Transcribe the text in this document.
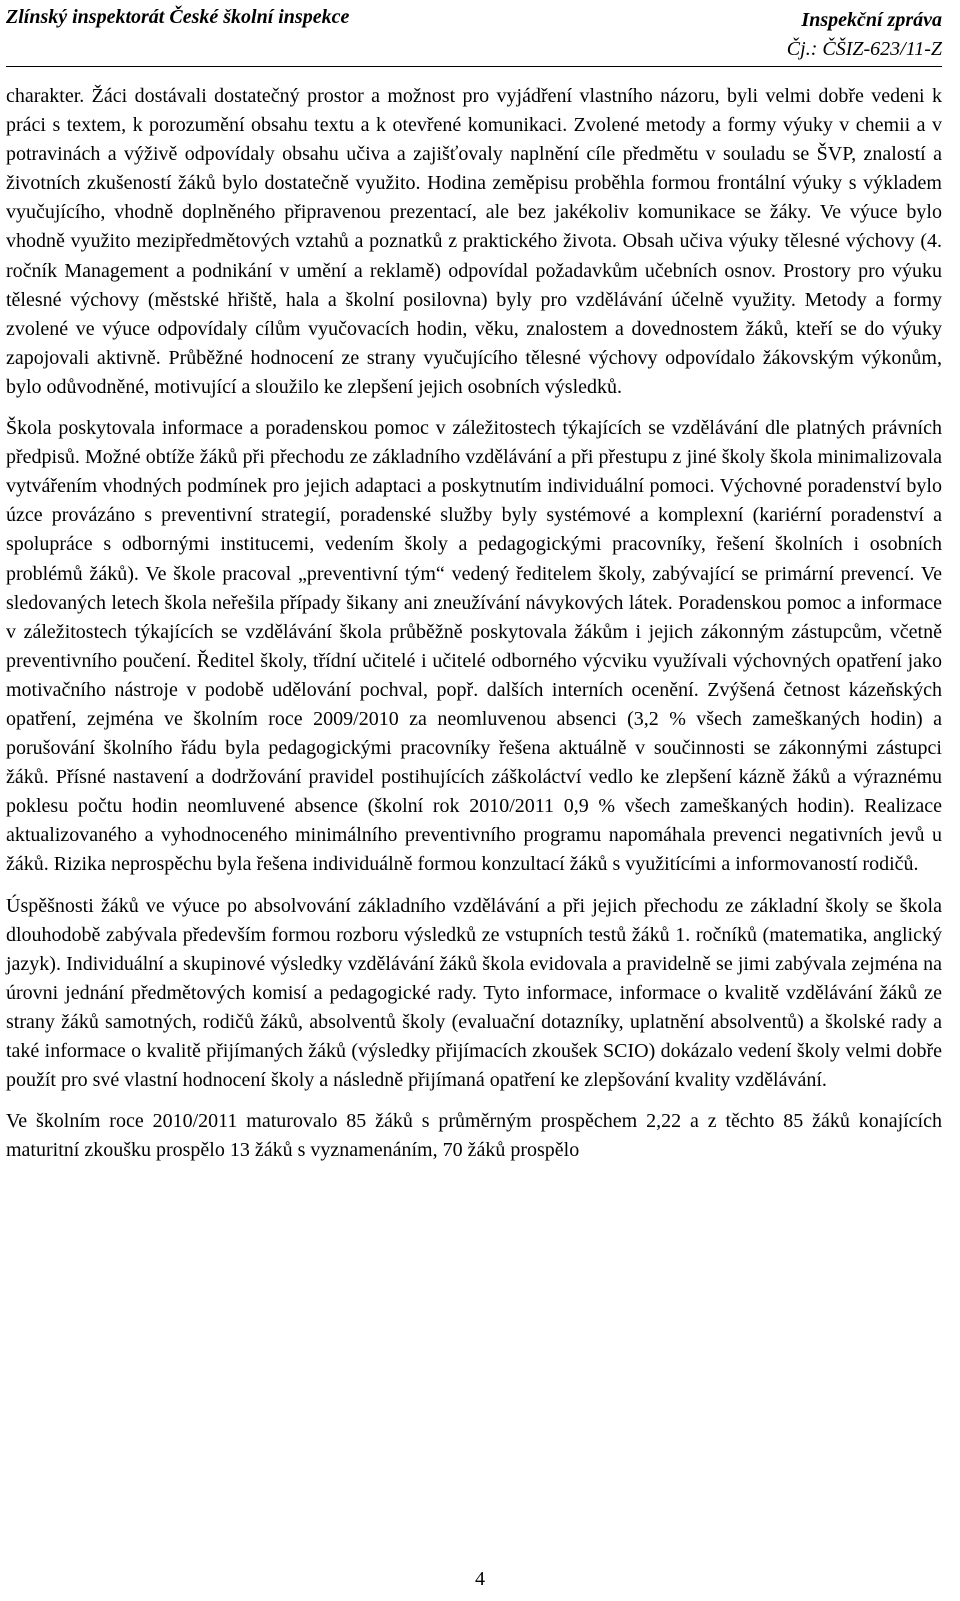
Zlínský inspektorát České školní inspekce	Inspekční zpráva
Čj.: ČŠIZ-623/11-Z

charakter. Žáci dostávali dostatečný prostor a možnost pro vyjádření vlastního názoru, byli velmi dobře vedeni k práci s textem, k porozumění obsahu textu a k otevřené komunikaci. Zvolené metody a formy výuky v chemii a v potravinách a výživě odpovídaly obsahu učiva a zajišťovaly naplnění cíle předmětu v souladu se ŠVP, znalostí a životních zkušeností žáků bylo dostatečně využito. Hodina zeměpisu proběhla formou frontální výuky s výkladem vyučujícího, vhodně doplněného připravenou prezentací, ale bez jakékoliv komunikace se žáky. Ve výuce bylo vhodně využito mezipředmětových vztahů a poznatků z praktického života. Obsah učiva výuky tělesné výchovy (4. ročník Management a podnikání v umění a reklamě) odpovídal požadavkům učebních osnov. Prostory pro výuku tělesné výchovy (městské hřiště, hala a školní posilovna) byly pro vzdělávání účelně využity. Metody a formy zvolené ve výuce odpovídaly cílům vyučovacích hodin, věku, znalostem a dovednostem žáků, kteří se do výuky zapojovali aktivně. Průběžné hodnocení ze strany vyučujícího tělesné výchovy odpovídalo žákovským výkonům, bylo odůvodněné, motivující a sloužilo ke zlepšení jejich osobních výsledků.

Škola poskytovala informace a poradenskou pomoc v záležitostech týkajících se vzdělávání dle platných právních předpisů. Možné obtíže žáků při přechodu ze základního vzdělávání a při přestupu z jiné školy škola minimalizovala vytvářením vhodných podmínek pro jejich adaptaci a poskytnutím individuální pomoci. Výchovné poradenství bylo úzce provázáno s preventivní strategií, poradenské služby byly systémové a komplexní (kariérní poradenství a spolupráce s odbornými institucemi, vedením školy a pedagogickými pracovníky, řešení školních i osobních problémů žáků). Ve škole pracoval „preventivní tým“ vedený ředitelem školy, zabývající se primární prevencí. Ve sledovaných letech škola neřešila případy šikany ani zneužívání návykových látek. Poradenskou pomoc a informace v záležitostech týkajících se vzdělávání škola průběžně poskytovala žákům i jejich zákonným zástupcům, včetně preventivního poučení. Ředitel školy, třídní učitelé i učitelé odborného výcviku využívali výchovných opatření jako motivačního nástroje v podobě udělování pochval, popř. dalších interních ocenění. Zvýšená četnost kázeňských opatření, zejména ve školním roce 2009/2010 za neomluvenou absenci (3,2 % všech zameškaných hodin) a porušování školního řádu byla pedagogickými pracovníky řešena aktuálně v součinnosti se zákonnými zástupci žáků. Přísné nastavení a dodržování pravidel postihujících záškoláctví vedlo ke zlepšení kázně žáků a výraznému poklesu počtu hodin neomluvené absence (školní rok 2010/2011 0,9 % všech zameškaných hodin). Realizace aktualizovaného a vyhodnoceného minimálního preventivního programu napomáhala prevenci negativních jevů u žáků. Rizika neprospěchu byla řešena individuálně formou konzultací žáků s využitícími a informovaností rodičů.

Úspěšnosti žáků ve výuce po absolvování základního vzdělávání a při jejich přechodu ze základní školy se škola dlouhodobě zabývala především formou rozboru výsledků ze vstupních testů žáků 1. ročníků (matematika, anglický jazyk). Individuální a skupinové výsledky vzdělávání žáků škola evidovala a pravidelně se jimi zabývala zejména na úrovni jednání předmětových komisí a pedagogické rady. Tyto informace, informace o kvalitě vzdělávání žáků ze strany žáků samotných, rodičů žáků, absolventů školy (evaluační dotazníky, uplatnění absolventů) a školské rady a také informace o kvalitě přijímaných žáků (výsledky přijímacích zkoušek SCIO) dokázalo vedení školy velmi dobře použít pro své vlastní hodnocení školy a následně přijímaná opatření ke zlepšování kvality vzdělávání.

Ve školním roce 2010/2011 maturovalo 85 žáků s průměrným prospěchem 2,22 a z těchto 85 žáků konajících maturitní zkoušku prospělo 13 žáků s vyznamenáním, 70 žáků prospělo

4
